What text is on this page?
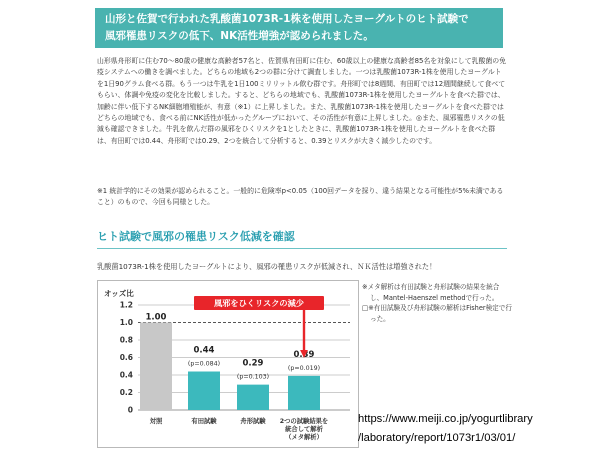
山形と佐賀で行われた乳酸菌1073R-1株を使用したヨーグルトのヒト試験で
風邪罹患リスクの低下、NK活性増強が認められました。

山形県舟形町に住む70〜80歳の健康な高齢者57名と、佐賀県有田町に住む、60歳以上の健康な高齢者85名を対象にして乳酸菌の免疫システムへの働きを調べました。どちらの地域も2つの群に分けて調査しました。一つは乳酸菌1073R-1株を使用したヨーグルトを1日90グラム食べる群。もう一つは牛乳を1日100ミリリットル飲む群です。舟形町では8週間、有田町では12週間継続して食べてもらい、体調や免疫の変化を比較しました。すると、どちらの地域でも、乳酸菌1073R-1株を使用したヨーグルトを食べた群では、加齢に伴い低下するNK細胞増殖能が、有意（※1）に上昇しました。また、乳酸菌1073R-1株を使用したヨーグルトを食べた群ではどちらの地域でも、食べる前にNK活性が低かったグループにおいて、その活性が有意に上昇しました。◎また、風邪罹患リスクの低減も確認できました。牛乳を飲んだ群の風邪をひくリスクを1としたときに、乳酸菌1073R-1株を使用したヨーグルトを食べた群は、有田町では0.44、舟形町では0.29、2つを統合して分析すると、0.39とリスクが大きく減少したのです。

※1 統計学的にその効果が認められること。一般的に危険率p<0.05（100回データを採り、違う結果となる可能性が5%未満であること）のもので、今回も同様とした。

ヒト試験で風邪の罹患リスク低減を確認
乳酸菌1073R-1株を使用したヨーグルトにより、風邪の罹患リスクが低減され、ＮＫ活性は増強された！
オッズ比
0
0.2
0.4
0.6
0.8
1.0
1.2
1.00
0.44
(p=0.084)	0.29
(p=0.103)
0.39
(p=0.019)
対照	有田試験	舟形試験 2つの試験結果を
統合して解析
（メタ解析）
風邪をひくリスクの減少
※メタ解析は有田試験と舟形試験の結果を統合し、Mantel-Haenszel methodで行った。
□※有田試験及び舟形試験の解析はFisher検定で行った。
https://www.meiji.co.jp/yogurtlibrary
/laboratory/report/1073r1/03/01/
